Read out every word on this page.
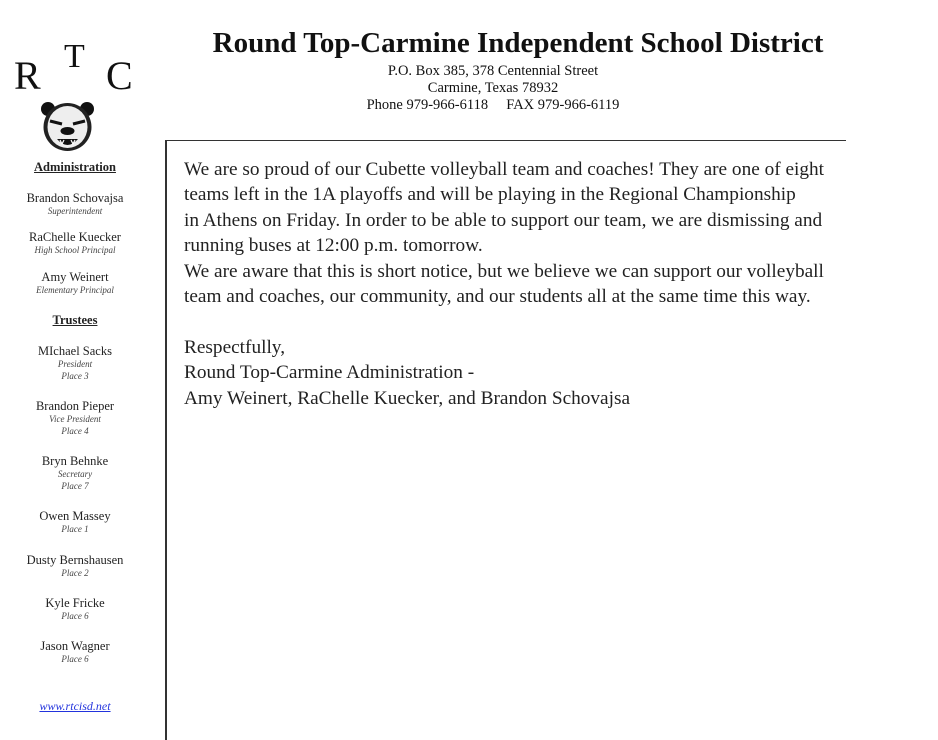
R T C
Administration
Brandon Schovajsa
Superintendent
RaChelle Kuecker
High School Principal
Amy Weinert
Elementary Principal
Trustees
MIchael Sacks
President
Place 3
Brandon Pieper
Vice President
Place 4
Bryn Behnke
Secretary
Place 7
Owen Massey
Place 1
Dusty Bernshausen
Place 2
Kyle Fricke
Place 6
Jason Wagner
Place 6
www.rtcisd.net
Round Top-Carmine Independent School District
P.O. Box 385, 378 Centennial Street
Carmine, Texas 78932
Phone 979-966-6118     FAX 979-966-6119

We are so proud of our Cubette volleyball team and coaches! They are one of eight

teams left in the 1A playoffs and will be playing in the Regional Championship

in Athens on Friday. In order to be able to support our team, we are dismissing and

running buses at 12:00 p.m. tomorrow.

We are aware that this is short notice, but we believe we can support our volleyball

team and coaches, our community, and our students all at the same time this way.

Respectfully,

Round Top-Carmine Administration -

Amy Weinert, RaChelle Kuecker, and Brandon Schovajsa
